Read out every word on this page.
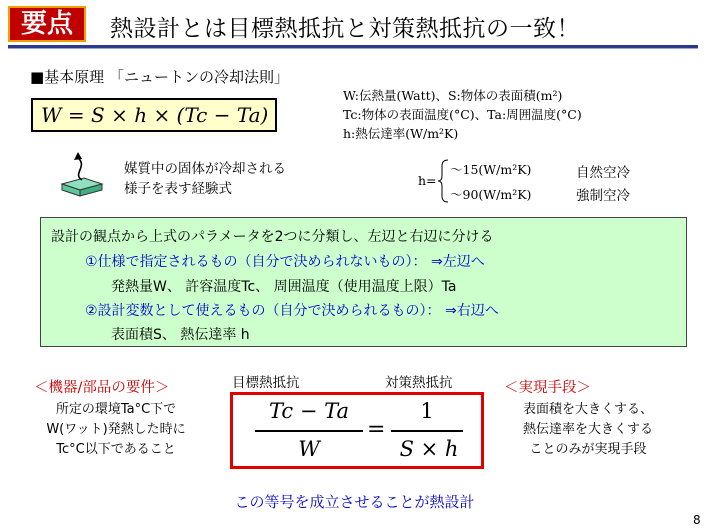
要点	熱設計とは目標熱抵抗と対策熱抵抗の一致！
■基本原理 「ニュートンの冷却法則」
W = S × h × (Tc − Ta)
W:伝熱量(Watt)、S:物体の表面積(m²)
Tc:物体の表面温度(°C)、Ta:周囲温度(°C)
h:熱伝達率(W/m²K)
媒質中の固体が冷却される
様子を表す経験式
h=
〜15(W/m²K)
〜90(W/m²K)
自然空冷
強制空冷
設計の観点から上式のパラメータを2つに分類し、左辺と右辺に分ける
①仕様で指定されるもの（自分で決められないもの）： ⇒左辺へ
発熱量W、 許容温度Tc、 周囲温度（使用温度上限）Ta
②設計変数として使えるもの（自分で決められるもの）： ⇒右辺へ
表面積S、 熱伝達率 h
＜機器/部品の要件＞
所定の環境Ta°C下で
W(ワット)発熱した時に
Tc°C以下であること
目標熱抵抗	対策熱抵抗
Tc − Ta
W
=
1
S × h
＜実現手段＞
表面積を大きくする、
熱伝達率を大きくする
ことのみが実現手段
この等号を成立させることが熱設計
8
